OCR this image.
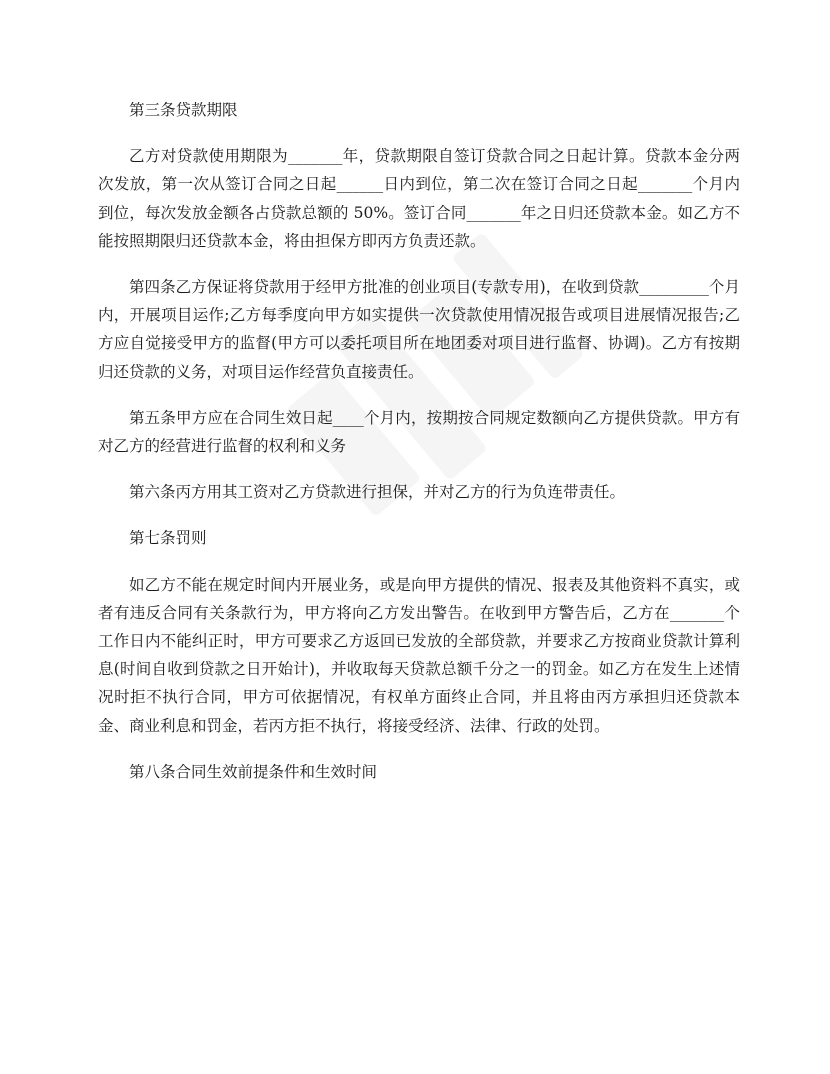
第三条贷款期限

乙方对贷款使用期限为_______年，贷款期限自签订贷款合同之日起计算。贷款本金分两次发放，第一次从签订合同之日起______日内到位，第二次在签订合同之日起_______个月内到位，每次发放金额各占贷款总额的 50%。签订合同_______年之日归还贷款本金。如乙方不能按照期限归还贷款本金，将由担保方即丙方负责还款。

第四条乙方保证将贷款用于经甲方批准的创业项目(专款专用)，在收到贷款_________个月内，开展项目运作;乙方每季度向甲方如实提供一次贷款使用情况报告或项目进展情况报告;乙方应自觉接受甲方的监督(甲方可以委托项目所在地团委对项目进行监督、协调)。乙方有按期归还贷款的义务，对项目运作经营负直接责任。

第五条甲方应在合同生效日起____个月内，按期按合同规定数额向乙方提供贷款。甲方有对乙方的经营进行监督的权利和义务

第六条丙方用其工资对乙方贷款进行担保，并对乙方的行为负连带责任。

第七条罚则

如乙方不能在规定时间内开展业务，或是向甲方提供的情况、报表及其他资料不真实，或者有违反合同有关条款行为，甲方将向乙方发出警告。在收到甲方警告后，乙方在_______个工作日内不能纠正时，甲方可要求乙方返回已发放的全部贷款，并要求乙方按商业贷款计算利息(时间自收到贷款之日开始计)，并收取每天贷款总额千分之一的罚金。如乙方在发生上述情况时拒不执行合同，甲方可依据情况，有权单方面终止合同，并且将由丙方承担归还贷款本金、商业利息和罚金，若丙方拒不执行，将接受经济、法律、行政的处罚。

第八条合同生效前提条件和生效时间
